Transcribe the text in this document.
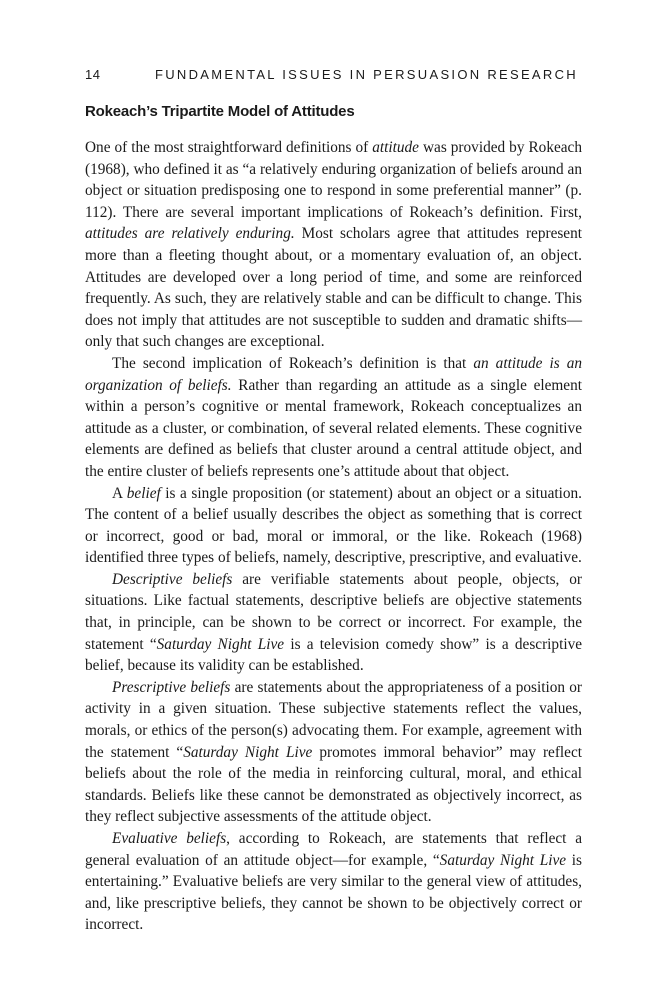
14	FUNDAMENTAL ISSUES IN PERSUASION RESEARCH
Rokeach’s Tripartite Model of Attitudes

One of the most straightforward definitions of attitude was provided by Rokeach (1968), who defined it as “a relatively enduring organization of beliefs around an object or situation predisposing one to respond in some preferential manner” (p. 112). There are several important implications of Rokeach’s definition. First, attitudes are relatively enduring. Most scholars agree that attitudes represent more than a fleeting thought about, or a momentary evaluation of, an object. Attitudes are developed over a long period of time, and some are reinforced frequently. As such, they are relatively stable and can be difficult to change. This does not imply that attitudes are not susceptible to sudden and dramatic shifts—only that such changes are exceptional.

The second implication of Rokeach’s definition is that an attitude is an organization of beliefs. Rather than regarding an attitude as a single element within a person’s cognitive or mental framework, Rokeach conceptualizes an attitude as a cluster, or combination, of several related elements. These cognitive elements are defined as beliefs that cluster around a central attitude object, and the entire cluster of beliefs represents one’s attitude about that object.

A belief is a single proposition (or statement) about an object or a situation. The content of a belief usually describes the object as something that is correct or incorrect, good or bad, moral or immoral, or the like. Rokeach (1968) identified three types of beliefs, namely, descriptive, prescriptive, and evaluative.

Descriptive beliefs are verifiable statements about people, objects, or situations. Like factual statements, descriptive beliefs are objective statements that, in principle, can be shown to be correct or incorrect. For example, the statement “Saturday Night Live is a television comedy show” is a descriptive belief, because its validity can be established.

Prescriptive beliefs are statements about the appropriateness of a position or activity in a given situation. These subjective statements reflect the values, morals, or ethics of the person(s) advocating them. For example, agreement with the statement “Saturday Night Live promotes immoral behavior” may reflect beliefs about the role of the media in reinforcing cultural, moral, and ethical standards. Beliefs like these cannot be demonstrated as objectively incorrect, as they reflect subjective assessments of the attitude object.

Evaluative beliefs, according to Rokeach, are statements that reflect a general evaluation of an attitude object—for example, “Saturday Night Live is entertaining.” Evaluative beliefs are very similar to the general view of attitudes, and, like prescriptive beliefs, they cannot be shown to be objectively correct or incorrect.
